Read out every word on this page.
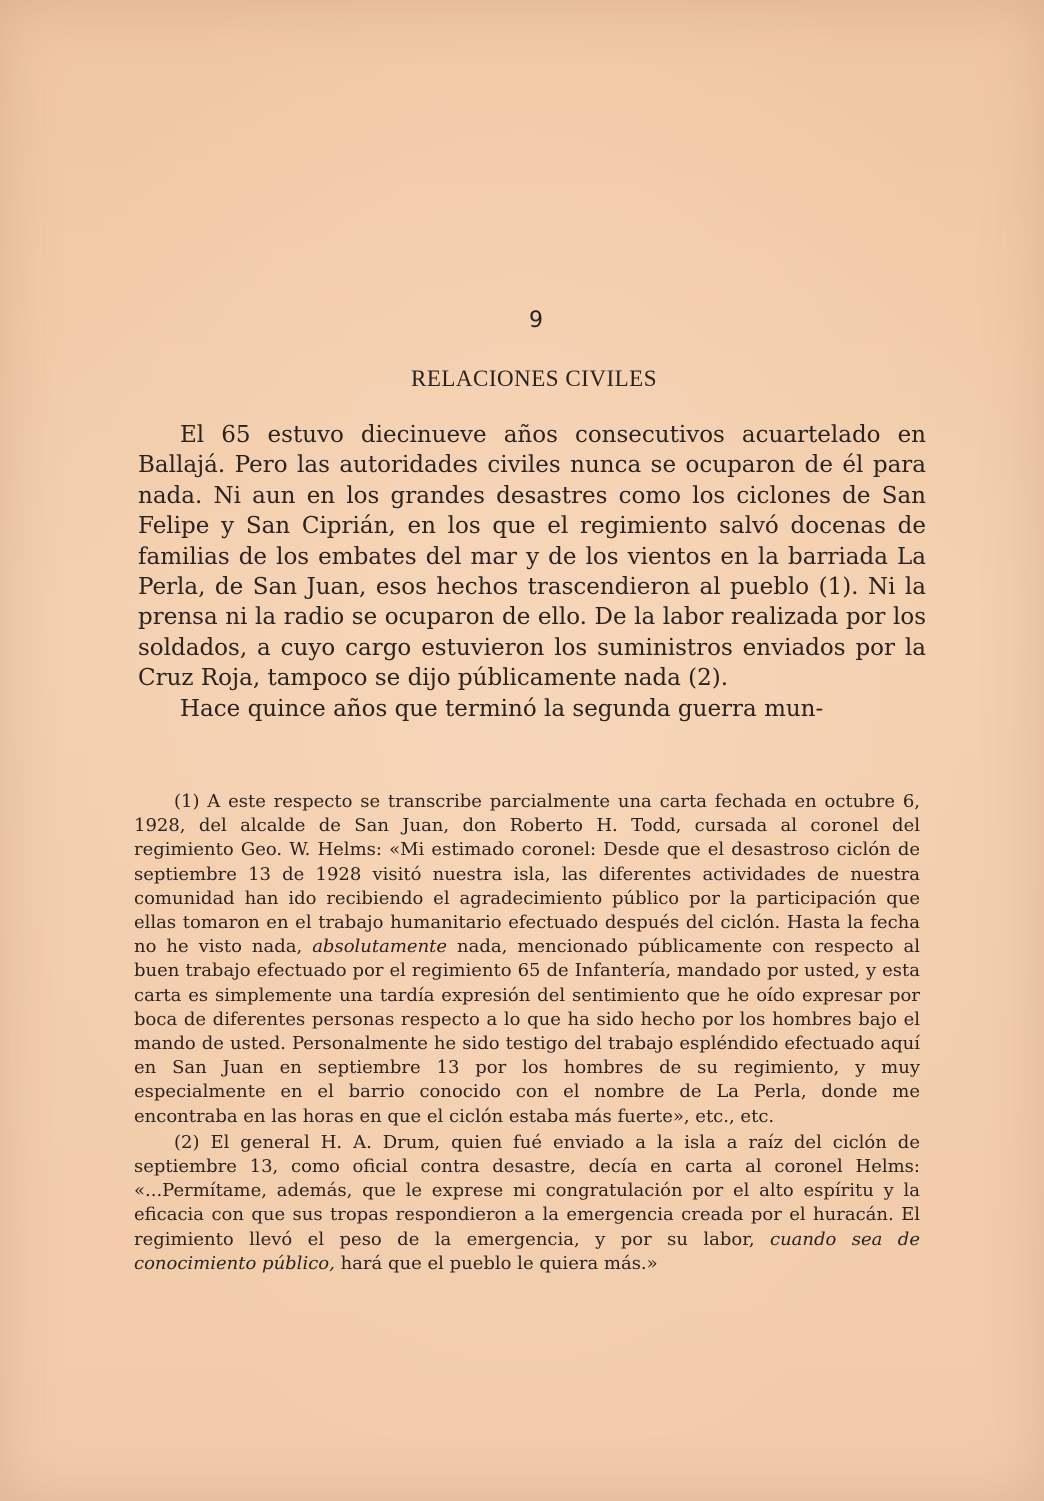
9
RELACIONES CIVILES

El 65 estuvo diecinueve años consecutivos acuartelado en Ballajá. Pero las autoridades civiles nunca se ocuparon de él para nada. Ni aun en los grandes desastres como los ciclones de San Felipe y San Ciprián, en los que el regimiento salvó docenas de familias de los embates del mar y de los vientos en la barriada La Perla, de San Juan, esos hechos trascendieron al pueblo (1). Ni la prensa ni la radio se ocuparon de ello. De la labor realizada por los soldados, a cuyo cargo estuvieron los suministros enviados por la Cruz Roja, tampoco se dijo públicamente nada (2).

Hace quince años que terminó la segunda guerra mun-

(1) A este respecto se transcribe parcialmente una carta fechada en octubre 6, 1928, del alcalde de San Juan, don Roberto H. Todd, cursada al coronel del regimiento Geo. W. Helms: «Mi estimado coronel: Desde que el desastroso ciclón de septiembre 13 de 1928 visitó nuestra isla, las diferentes actividades de nuestra comunidad han ido recibiendo el agradecimiento público por la participación que ellas tomaron en el trabajo humanitario efectuado después del ciclón. Hasta la fecha no he visto nada, absolutamente nada, mencionado públicamente con respecto al buen trabajo efectuado por el regimiento 65 de Infantería, mandado por usted, y esta carta es simplemente una tardía expresión del sentimiento que he oído expresar por boca de diferentes personas respecto a lo que ha sido hecho por los hombres bajo el mando de usted. Personalmente he sido testigo del trabajo espléndido efectuado aquí en San Juan en septiembre 13 por los hombres de su regimiento, y muy especialmente en el barrio conocido con el nombre de La Perla, donde me encontraba en las horas en que el ciclón estaba más fuerte», etc., etc.

(2) El general H. A. Drum, quien fué enviado a la isla a raíz del ciclón de septiembre 13, como oficial contra desastre, decía en carta al coronel Helms: «...Permítame, además, que le exprese mi congratulación por el alto espíritu y la eficacia con que sus tropas respondieron a la emergencia creada por el huracán. El regimiento llevó el peso de la emergencia, y por su labor, cuando sea de conocimiento público, hará que el pueblo le quiera más.»
